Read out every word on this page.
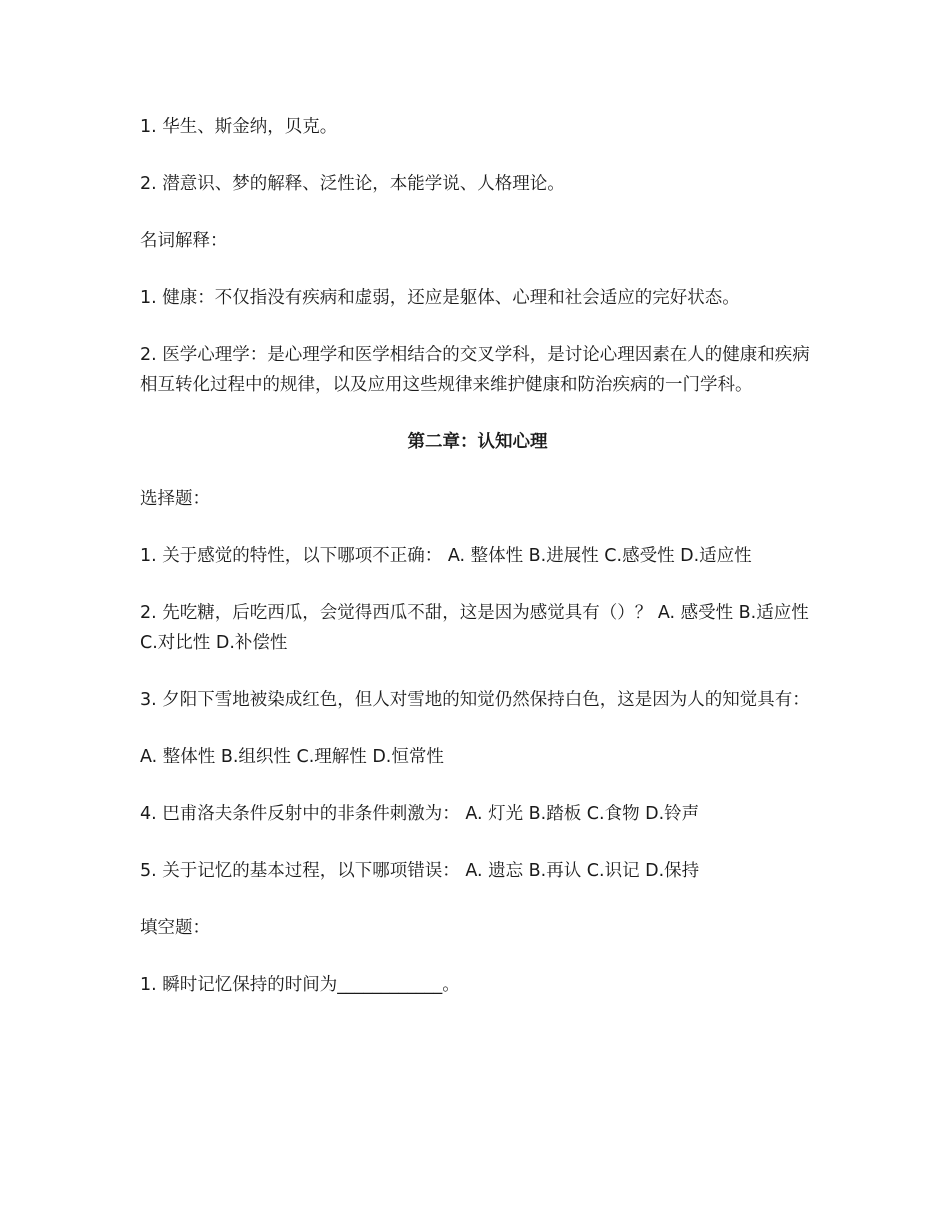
1. 华生、斯金纳，贝克。

2. 潜意识、梦的解释、泛性论，本能学说、人格理论。

名词解释：

1. 健康：不仅指没有疾病和虚弱，还应是躯体、心理和社会适应的完好状态。

2. 医学心理学：是心理学和医学相结合的交叉学科，是讨论心理因素在人的健康和疾病相互转化过程中的规律，以及应用这些规律来维护健康和防治疾病的一门学科。

第二章：认知心理

选择题：

1. 关于感觉的特性，以下哪项不正确： A. 整体性 B.进展性 C.感受性 D.适应性

2. 先吃糖，后吃西瓜，会觉得西瓜不甜，这是因为感觉具有（）？ A. 感受性 B.适应性 C.对比性 D.补偿性

3. 夕阳下雪地被染成红色，但人对雪地的知觉仍然保持白色，这是因为人的知觉具有：

A. 整体性 B.组织性 C.理解性 D.恒常性

4. 巴甫洛夫条件反射中的非条件刺激为： A. 灯光 B.踏板 C.食物 D.铃声

5. 关于记忆的基本过程，以下哪项错误： A. 遗忘 B.再认 C.识记 D.保持

填空题：

1. 瞬时记忆保持的时间为____________。
